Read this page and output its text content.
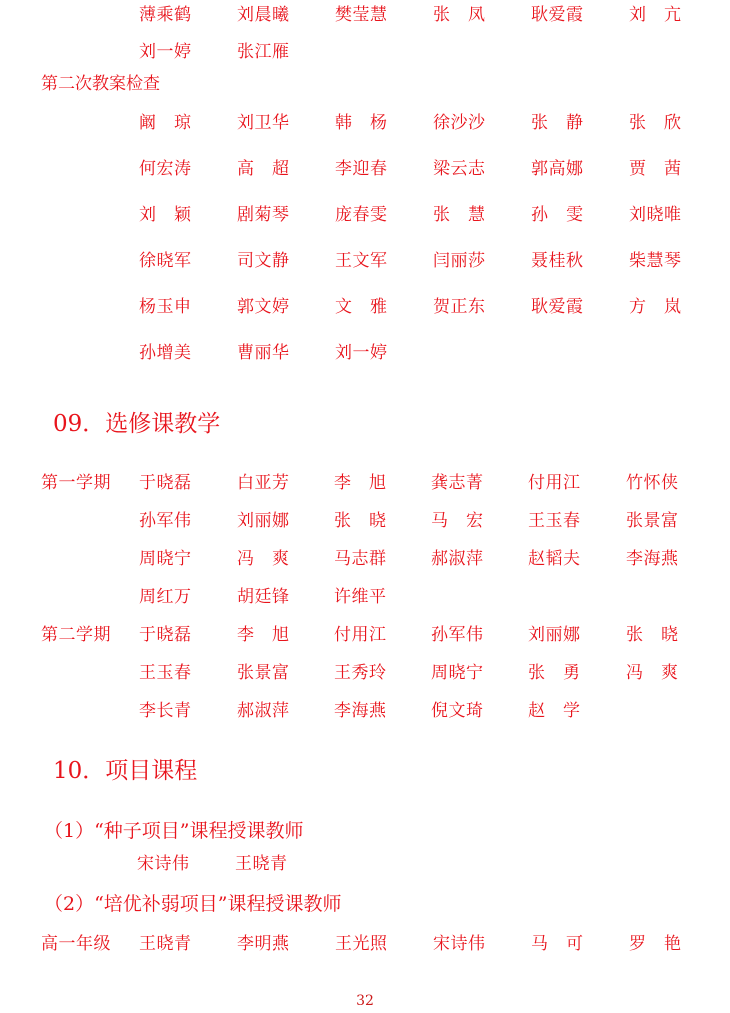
薄乘鹤	刘晨曦	樊莹慧	张　凤	耿爱霞	刘　亢
刘一婷	张江雁
第二次教案检查
阚　琼	刘卫华	韩　杨	徐沙沙	张　静	张　欣
何宏涛	高　超	李迎春	梁云志	郭高娜	贾　茜
刘　颖	剧菊琴	庞春雯	张　慧	孙　雯	刘晓唯
徐晓军	司文静	王文军	闫丽莎	聂桂秋	柴慧琴
杨玉申	郭文婷	文　雅	贺正东	耿爱霞	方　岚
孙增美	曹丽华	刘一婷
09．选修课教学
第一学期 于晓磊	白亚芳	李　旭	龚志菁	付用江	竹怀侠
孙军伟	刘丽娜	张　晓	马　宏	王玉春	张景富
周晓宁	冯　爽	马志群	郝淑萍	赵韬夫	李海燕
周红万	胡廷锋	许维平
第二学期 于晓磊	李　旭	付用江	孙军伟	刘丽娜	张　晓
王玉春	张景富	王秀玲	周晓宁	张　勇	冯　爽
李长青	郝淑萍	李海燕	倪文琦	赵　学
10．项目课程
（1）“种子项目”课程授课教师
宋诗伟	王晓青
（2）“培优补弱项目”课程授课教师
高一年级 王晓青	李明燕	王光照	宋诗伟	马　可	罗　艳
32
